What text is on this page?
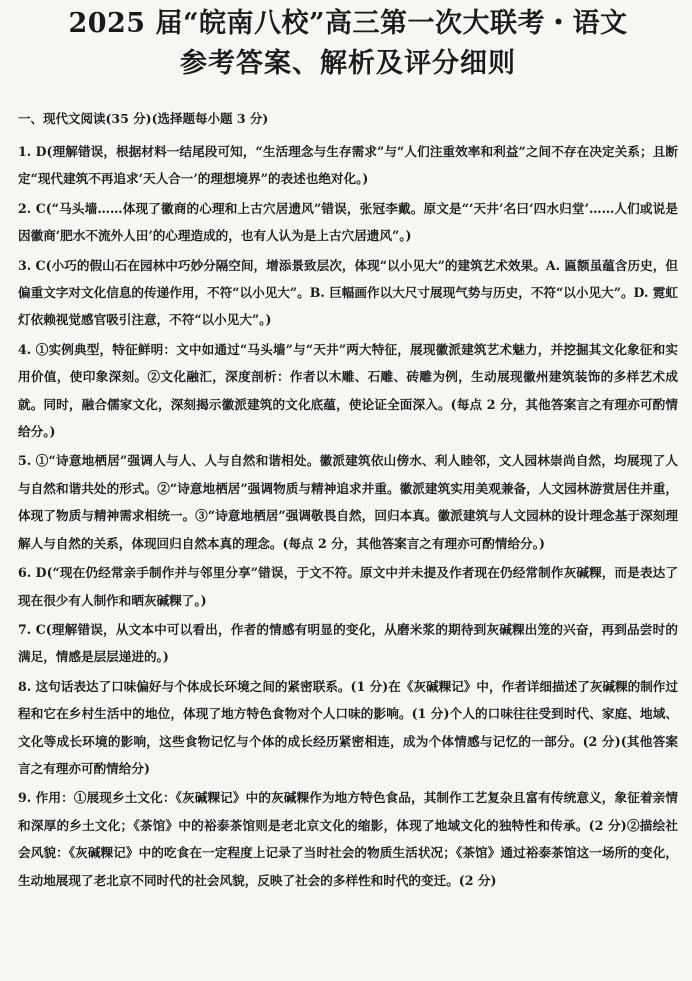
2025 届“皖南八校”高三第一次大联考・语文
参考答案、解析及评分细则
一、现代文阅读(35 分)(选择题每小题 3 分)

1. D(理解错误，根据材料一结尾段可知，“生活理念与生存需求”与“人们注重效率和利益”之间不存在决定关系；且断定“现代建筑不再追求‘天人合一’的理想境界”的表述也绝对化。)

2. C(“马头墙……体现了徽商的心理和上古穴居遗风”错误，张冠李戴。原文是“‘天井’名曰‘四水归堂’……人们或说是因徽商‘肥水不流外人田’的心理造成的，也有人认为是上古穴居遗风”。)

3. C(小巧的假山石在园林中巧妙分隔空间，增添景致层次，体现“以小见大”的建筑艺术效果。A. 匾额虽蕴含历史，但偏重文字对文化信息的传递作用，不符“以小见大”。B. 巨幅画作以大尺寸展现气势与历史，不符“以小见大”。D. 霓虹灯依赖视觉感官吸引注意，不符“以小见大”。)

4. ①实例典型，特征鲜明：文中如通过“马头墙”与“天井”两大特征，展现徽派建筑艺术魅力，并挖掘其文化象征和实用价值，使印象深刻。②文化融汇，深度剖析：作者以木雕、石雕、砖雕为例，生动展现徽州建筑装饰的多样艺术成就。同时，融合儒家文化，深刻揭示徽派建筑的文化底蕴，使论证全面深入。(每点 2 分，其他答案言之有理亦可酌情给分。)

5. ①“诗意地栖居”强调人与人、人与自然和谐相处。徽派建筑依山傍水、利人睦邻，文人园林崇尚自然，均展现了人与自然和谐共处的形式。②“诗意地栖居”强调物质与精神追求并重。徽派建筑实用美观兼备，人文园林游赏居住并重，体现了物质与精神需求相统一。③“诗意地栖居”强调敬畏自然，回归本真。徽派建筑与人文园林的设计理念基于深刻理解人与自然的关系，体现回归自然本真的理念。(每点 2 分，其他答案言之有理亦可酌情给分。)

6. D(“现在仍经常亲手制作并与邻里分享”错误，于文不符。原文中并未提及作者现在仍经常制作灰碱粿，而是表达了现在很少有人制作和晒灰碱粿了。)

7. C(理解错误，从文本中可以看出，作者的情感有明显的变化，从磨米浆的期待到灰碱粿出笼的兴奋，再到品尝时的满足，情感是层层递进的。)

8. 这句话表达了口味偏好与个体成长环境之间的紧密联系。(1 分)在《灰碱粿记》中，作者详细描述了灰碱粿的制作过程和它在乡村生活中的地位，体现了地方特色食物对个人口味的影响。(1 分)个人的口味往往受到时代、家庭、地域、文化等成长环境的影响，这些食物记忆与个体的成长经历紧密相连，成为个体情感与记忆的一部分。(2 分)(其他答案言之有理亦可酌情给分)

9. 作用：①展现乡土文化：《灰碱粿记》中的灰碱粿作为地方特色食品，其制作工艺复杂且富有传统意义，象征着亲情和深厚的乡土文化；《茶馆》中的裕泰茶馆则是老北京文化的缩影，体现了地域文化的独特性和传承。(2 分)②描绘社会风貌：《灰碱粿记》中的吃食在一定程度上记录了当时社会的物质生活状况；《茶馆》通过裕泰茶馆这一场所的变化，生动地展现了老北京不同时代的社会风貌，反映了社会的多样性和时代的变迁。(2 分)
